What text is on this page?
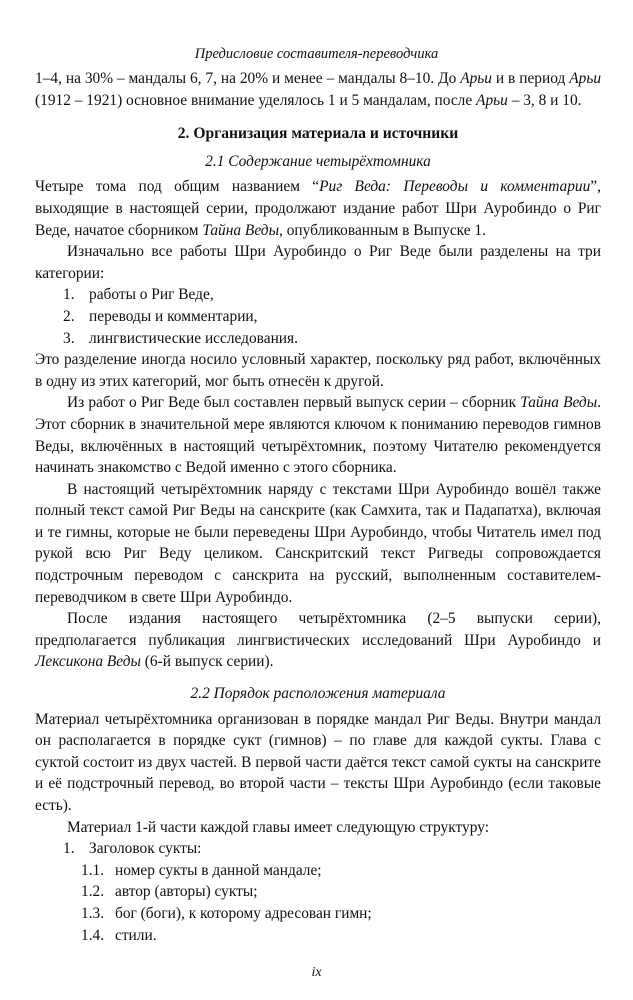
Предисловие составителя-переводчика

1–4, на 30% – мандалы 6, 7, на 20% и менее – мандалы 8–10. До Арьи и в период Арьи (1912 – 1921) основное внимание уделялось 1 и 5 мандалам, после Арьи – 3, 8 и 10.

2. Организация материала и источники
2.1 Содержание четырёхтомника

Четыре тома под общим названием “Риг Веда: Переводы и комментарии”, выходящие в настоящей серии, продолжают издание работ Шри Ауробиндо о Риг Веде, начатое сборником Тайна Веды, опубликованным в Выпуске 1.

Изначально все работы Шри Ауробиндо о Риг Веде были разделены на три категории:

1. работы о Риг Веде,
2. переводы и комментарии,
3. лингвистические исследования.

Это разделение иногда носило условный характер, поскольку ряд работ, включённых в одну из этих категорий, мог быть отнесён к другой.

Из работ о Риг Веде был составлен первый выпуск серии – сборник Тайна Веды. Этот сборник в значительной мере являются ключом к пониманию переводов гимнов Веды, включённых в настоящий четырёхтомник, поэтому Читателю рекомендуется начинать знакомство с Ведой именно с этого сборника.

В настоящий четырёхтомник наряду с текстами Шри Ауробиндо вошёл также полный текст самой Риг Веды на санскрите (как Самхита, так и Падапатха), включая и те гимны, которые не были переведены Шри Ауробиндо, чтобы Читатель имел под рукой всю Риг Веду целиком. Санскритский текст Ригведы сопровождается подстрочным переводом с санскрита на русский, выполненным составителем-переводчиком в свете Шри Ауробиндо.

После издания настоящего четырёхтомника (2–5 выпуски серии), предполагается публикация лингвистических исследований Шри Ауробиндо и Лексикона Веды (6-й выпуск серии).

2.2 Порядок расположения материала

Материал четырёхтомника организован в порядке мандал Риг Веды. Внутри мандал он располагается в порядке сукт (гимнов) – по главе для каждой сукты. Глава с суктой состоит из двух частей. В первой части даётся текст самой сукты на санскрите и её подстрочный перевод, во второй части – тексты Шри Ауробиндо (если таковые есть).

Материал 1-й части каждой главы имеет следующую структуру:

1. Заголовок сукты:
1.1. номер сукты в данной мандале;
1.2. автор (авторы) сукты;
1.3. бог (боги), к которому адресован гимн;
1.4. стили.
ix
